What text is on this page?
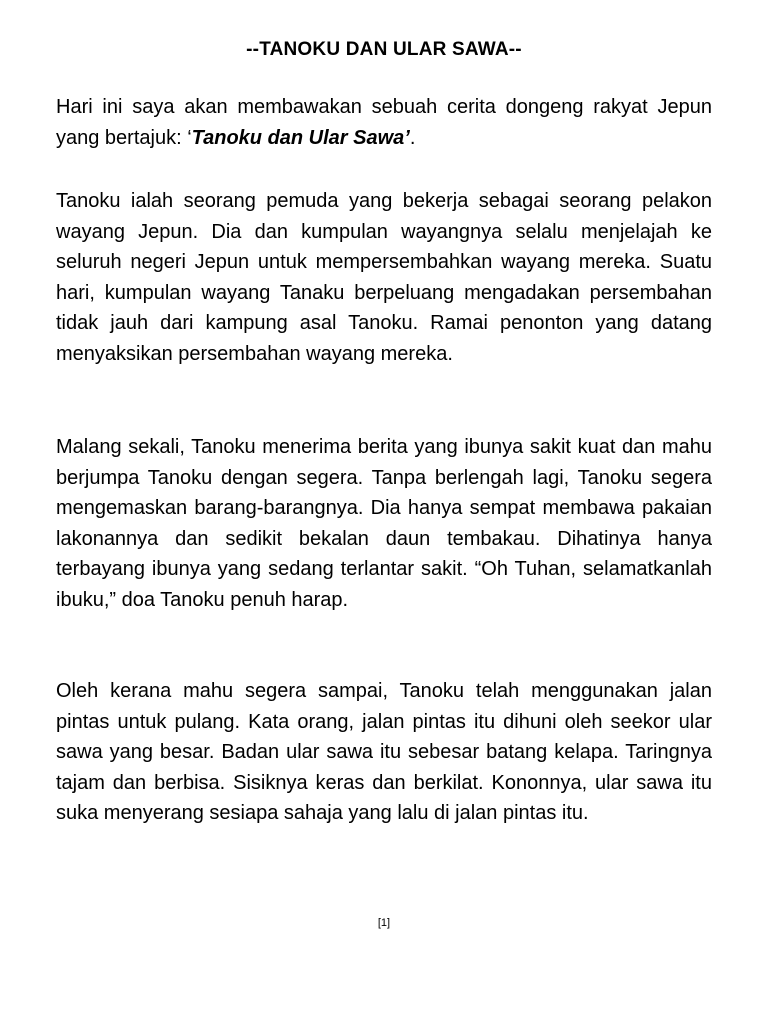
--TANOKU DAN ULAR SAWA--

Hari ini saya akan membawakan sebuah cerita dongeng rakyat Jepun yang bertajuk: ‘Tanoku dan Ular Sawa’.

Tanoku ialah seorang pemuda yang bekerja sebagai seorang pelakon wayang Jepun. Dia dan kumpulan wayangnya selalu menjelajah ke seluruh negeri Jepun untuk mempersembahkan wayang mereka. Suatu hari, kumpulan wayang Tanaku berpeluang mengadakan persembahan tidak jauh dari kampung asal Tanoku. Ramai penonton yang datang menyaksikan persembahan wayang mereka.

Malang sekali, Tanoku menerima berita yang ibunya sakit kuat dan mahu berjumpa Tanoku dengan segera. Tanpa berlengah lagi, Tanoku segera mengemaskan barang-barangnya. Dia hanya sempat membawa pakaian lakonannya dan sedikit bekalan daun tembakau. Dihatinya hanya terbayang ibunya yang sedang terlantar sakit. “Oh Tuhan, selamatkanlah ibuku,” doa Tanoku penuh harap.

Oleh kerana mahu segera sampai, Tanoku telah menggunakan jalan pintas untuk pulang. Kata orang, jalan pintas itu dihuni oleh seekor ular sawa yang besar. Badan ular sawa itu sebesar batang kelapa. Taringnya tajam dan berbisa. Sisiknya keras dan berkilat. Kononnya, ular sawa itu suka menyerang sesiapa sahaja yang lalu di jalan pintas itu.

[1]
